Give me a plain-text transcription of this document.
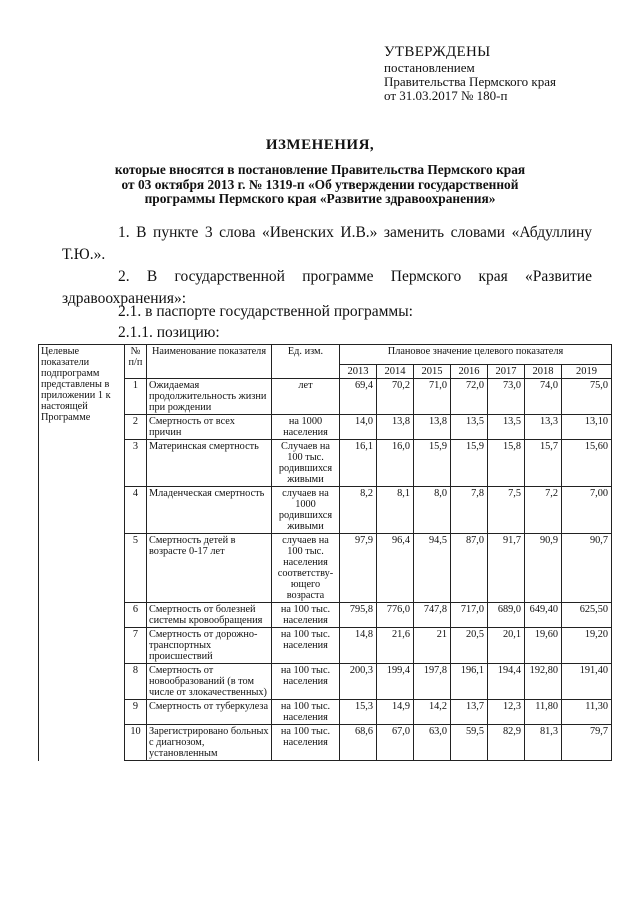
УТВЕРЖДЕНЫ
постановлением
Правительства Пермского края
от 31.03.2017 № 180-п
ИЗМЕНЕНИЯ,
которые вносятся в постановление Правительства Пермского края
от 03 октября 2013 г. № 1319-п «Об утверждении государственной
программы Пермского края «Развитие здравоохранения»
1. В пункте 3 слова «Ивенских И.В.» заменить словами «Абдуллину Т.Ю.».
2. В государственной программе Пермского края «Развитие здравоохранения»:
2.1. в паспорте государственной программы:
2.1.1. позицию:
Целевые показатели подпрограмм представлены в приложении 1 к настоящей Программе	№ п/п	Наименование показателя	Ед. изм.	Плановое значение целевого показателя						
				2013	2014	2015	2016	2017	2018	2019
	1	Ожидаемая продолжительность жизни при рождении	лет	69,4	70,2	71,0	72,0	73,0	74,0	75,0
	2	Смертность от всех причин	на 1000 населения	14,0	13,8	13,8	13,5	13,5	13,3	13,10
	3	Материнская смертность	Случаев на 100 тыс. родившихся живыми	16,1	16,0	15,9	15,9	15,8	15,7	15,60
	4	Младенческая смертность	случаев на 1000 родившихся живыми	8,2	8,1	8,0	7,8	7,5	7,2	7,00
	5	Смертность детей в возрасте 0-17 лет	случаев на 100 тыс. населения соответству-ющего возраста	97,9	96,4	94,5	87,0	91,7	90,9	90,7
	6	Смертность от болезней системы кровообращения	на 100 тыс. населения	795,8	776,0	747,8	717,0	689,0	649,40	625,50
	7	Смертность от дорожно-транспортных происшествий	на 100 тыс. населения	14,8	21,6	21	20,5	20,1	19,60	19,20
	8	Смертность от новообразований (в том числе от злокачественных)	на 100 тыс. населения	200,3	199,4	197,8	196,1	194,4	192,80	191,40
	9	Смертность от туберкулеза	на 100 тыс. населения	15,3	14,9	14,2	13,7	12,3	11,80	11,30
	10	Зарегистрировано больных с диагнозом, установленным	на 100 тыс. населения	68,6	67,0	63,0	59,5	82,9	81,3	79,7
